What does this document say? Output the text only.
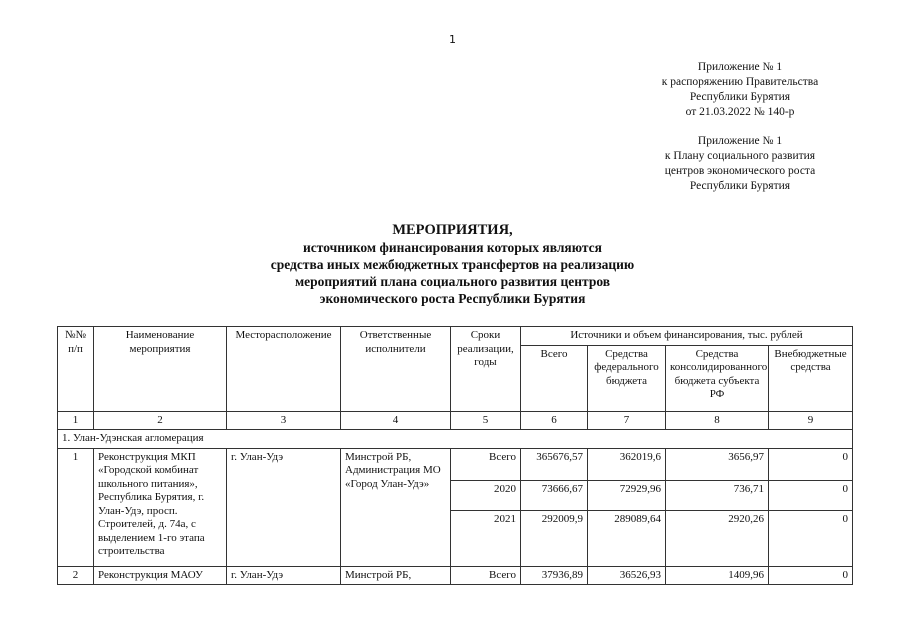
1
Приложение № 1
к распоряжению Правительства
Республики Бурятия
от 21.03.2022 № 140-р
Приложение № 1
к Плану социального развития
центров экономического роста
Республики Бурятия
МЕРОПРИЯТИЯ,
источником финансирования которых являются
средства иных межбюджетных трансфертов на реализацию
мероприятий плана социального развития центров
экономического роста Республики Бурятия
№№ п/п	Наименование мероприятия	Месторасположение	Ответственные исполнители	Сроки реализации, годы	Источники и объем финансирования, тыс. рублей			
					Всего	Средства федерального бюджета	Средства консолидированного бюджета субъекта РФ	Внебюджетные средства
1	2	3	4	5	6	7	8	9
1. Улан-Удэнская агломерация								
1	Реконструкция МКП «Городской комбинат школьного питания», Республика Бурятия, г. Улан-Удэ, просп. Строителей, д. 74а, с выделением 1-го этапа строительства	г. Улан-Удэ	Минстрой РБ, Администрация МО «Город Улан-Удэ»	Всего	365676,57	362019,6	3656,97	0
				2020	73666,67	72929,96	736,71	0
				2021	292009,9	289089,64	2920,26	0
2	Реконструкция МАОУ	г. Улан-Удэ	Минстрой РБ,	Всего	37936,89	36526,93	1409,96	0
